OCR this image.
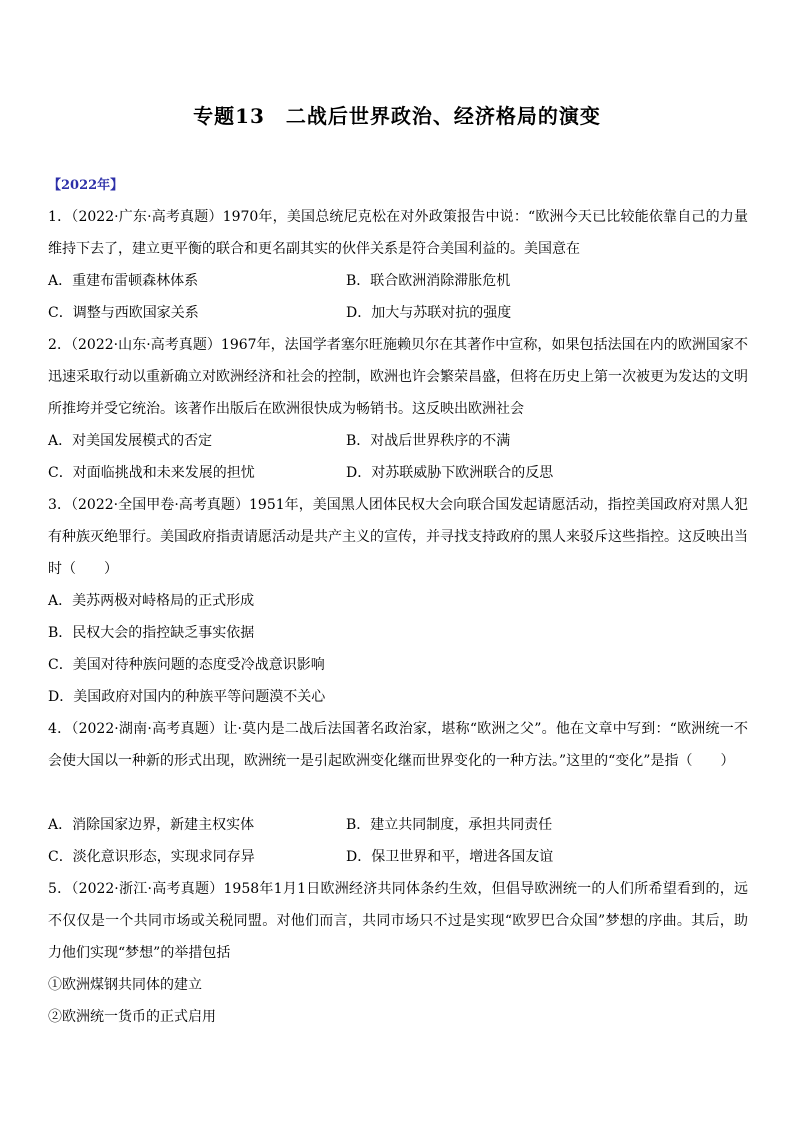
专题13　二战后世界政治、经济格局的演变
【2022年】
1．（2022·广东·高考真题）1970年，美国总统尼克松在对外政策报告中说：“欧洲今天已比较能依靠自己的力量维持下去了，建立更平衡的联合和更名副其实的伙伴关系是符合美国利益的。美国意在
A．重建布雷顿森林体系	B．联合欧洲消除滞胀危机
C．调整与西欧国家关系	D．加大与苏联对抗的强度
2．（2022·山东·高考真题）1967年，法国学者塞尔旺施赖贝尔在其著作中宣称，如果包括法国在内的欧洲国家不迅速采取行动以重新确立对欧洲经济和社会的控制，欧洲也许会繁荣昌盛，但将在历史上第一次被更为发达的文明所推垮并受它统治。该著作出版后在欧洲很快成为畅销书。这反映出欧洲社会
A．对美国发展模式的否定	B．对战后世界秩序的不满
C．对面临挑战和未来发展的担忧	D．对苏联威胁下欧洲联合的反思
3．（2022·全国甲卷·高考真题）1951年，美国黑人团体民权大会向联合国发起请愿活动，指控美国政府对黑人犯有种族灭绝罪行。美国政府指责请愿活动是共产主义的宣传，并寻找支持政府的黑人来驳斥这些指控。这反映出当时（　　）
A．美苏两极对峙格局的正式形成
B．民权大会的指控缺乏事实依据
C．美国对待种族问题的态度受冷战意识影响
D．美国政府对国内的种族平等问题漠不关心
4．（2022·湖南·高考真题）让·莫内是二战后法国著名政治家，堪称“欧洲之父”。他在文章中写到：“欧洲统一不会使大国以一种新的形式出现，欧洲统一是引起欧洲变化继而世界变化的一种方法。”这里的“变化”是指（　　）
A．消除国家边界，新建主权实体	B．建立共同制度，承担共同责任
C．淡化意识形态，实现求同存异	D．保卫世界和平，增进各国友谊
5．（2022·浙江·高考真题）1958年1月1日欧洲经济共同体条约生效，但倡导欧洲统一的人们所希望看到的，远不仅仅是一个共同市场或关税同盟。对他们而言，共同市场只不过是实现“欧罗巴合众国”梦想的序曲。其后，助力他们实现“梦想”的举措包括
①欧洲煤钢共同体的建立
②欧洲统一货币的正式启用
